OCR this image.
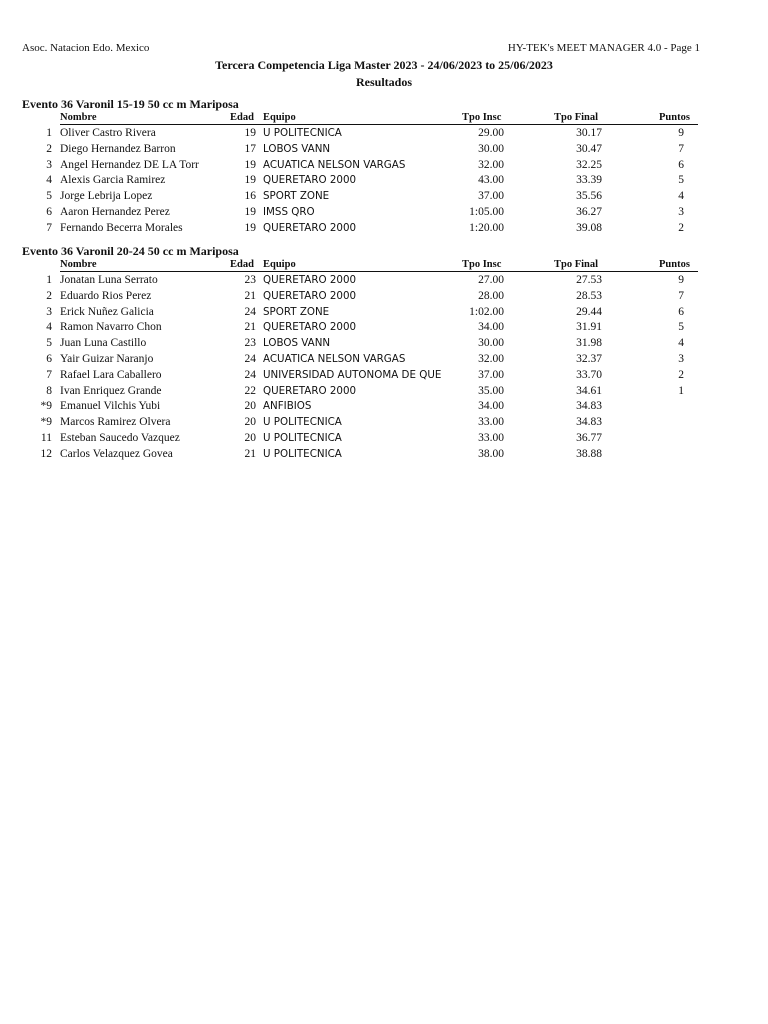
Asoc. Natacion Edo. Mexico	HY-TEK's MEET MANAGER 4.0 - Page 1
Tercera Competencia Liga Master 2023 - 24/06/2023 to 25/06/2023
Resultados
Evento 36 Varonil 15-19 50 cc m Mariposa
Nombre	Edad Equipo	Tpo Insc	Tpo Final	Puntos
1 Oliver Castro Rivera	19 U POLITECNICA	29.00	30.17	9
2 Diego Hernandez Barron	17 LOBOS VANN	30.00	30.47	7
3 Angel Hernandez DE LA Torr	19 ACUATICA NELSON VARGAS	32.00	32.25	6
4 Alexis Garcia Ramirez	19 QUERETARO 2000	43.00	33.39	5
5 Jorge Lebrija Lopez	16 SPORT ZONE	37.00	35.56	4
6 Aaron Hernandez Perez	19 IMSS QRO	1:05.00	36.27	3
7 Fernando Becerra Morales	19 QUERETARO 2000	1:20.00	39.08	2
Evento 36 Varonil 20-24 50 cc m Mariposa
Nombre	Edad Equipo	Tpo Insc	Tpo Final	Puntos
1 Jonatan Luna Serrato	23 QUERETARO 2000	27.00	27.53	9
2 Eduardo Rios Perez	21 QUERETARO 2000	28.00	28.53	7
3 Erick Nuñez Galicia	24 SPORT ZONE	1:02.00	29.44	6
4 Ramon Navarro Chon	21 QUERETARO 2000	34.00	31.91	5
5 Juan Luna Castillo	23 LOBOS VANN	30.00	31.98	4
6 Yair Guizar Naranjo	24 ACUATICA NELSON VARGAS	32.00	32.37	3
7 Rafael Lara Caballero	24 UNIVERSIDAD AUTONOMA DE QUE	37.00	33.70	2
8 Ivan Enriquez Grande	22 QUERETARO 2000	35.00	34.61	1
*9 Emanuel Vilchis Yubi	20 ANFIBIOS	34.00	34.83
*9 Marcos Ramirez Olvera	20 U POLITECNICA	33.00	34.83
11 Esteban Saucedo Vazquez	20 U POLITECNICA	33.00	36.77
12 Carlos Velazquez Govea	21 U POLITECNICA	38.00	38.88
